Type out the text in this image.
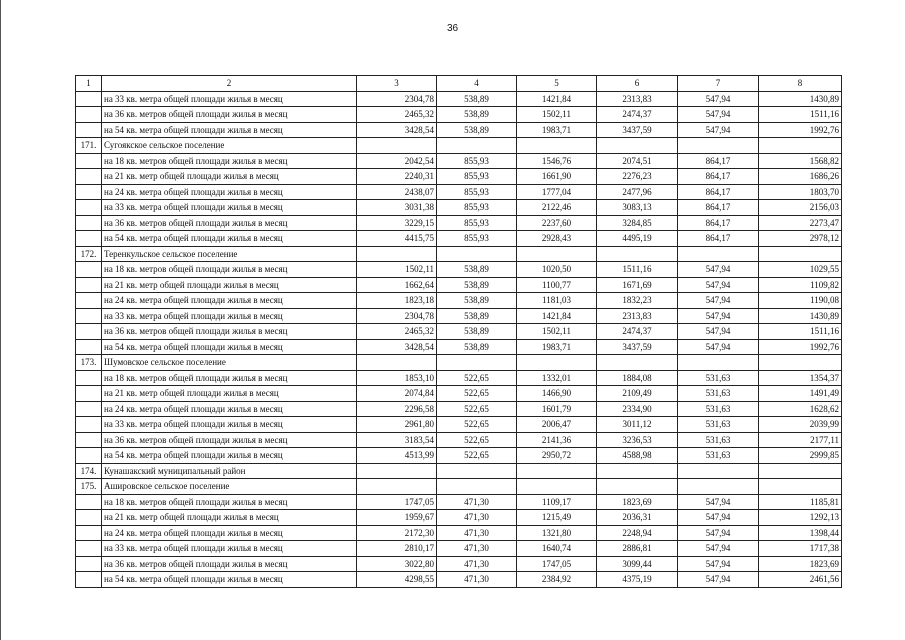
36
1	2	3	4	5	6	7	8
	на 33 кв. метра общей площади жилья в месяц	2304,78	538,89	1421,84	2313,83	547,94	1430,89
	на 36 кв. метров общей площади жилья в месяц	2465,32	538,89	1502,11	2474,37	547,94	1511,16
	на 54 кв. метра общей площади жилья в месяц	3428,54	538,89	1983,71	3437,59	547,94	1992,76
171.	Сугоякское сельское поселение						
	на 18 кв. метров общей площади жилья в месяц	2042,54	855,93	1546,76	2074,51	864,17	1568,82
	на 21 кв. метр общей площади жилья в месяц	2240,31	855,93	1661,90	2276,23	864,17	1686,26
	на 24 кв. метра общей площади жилья в месяц	2438,07	855,93	1777,04	2477,96	864,17	1803,70
	на 33 кв. метра общей площади жилья в месяц	3031,38	855,93	2122,46	3083,13	864,17	2156,03
	на 36 кв. метров общей площади жилья в месяц	3229,15	855,93	2237,60	3284,85	864,17	2273,47
	на 54 кв. метра общей площади жилья в месяц	4415,75	855,93	2928,43	4495,19	864,17	2978,12
172.	Теренкульское сельское поселение						
	на 18 кв. метров общей площади жилья в месяц	1502,11	538,89	1020,50	1511,16	547,94	1029,55
	на 21 кв. метр общей площади жилья в месяц	1662,64	538,89	1100,77	1671,69	547,94	1109,82
	на 24 кв. метра общей площади жилья в месяц	1823,18	538,89	1181,03	1832,23	547,94	1190,08
	на 33 кв. метра общей площади жилья в месяц	2304,78	538,89	1421,84	2313,83	547,94	1430,89
	на 36 кв. метров общей площади жилья в месяц	2465,32	538,89	1502,11	2474,37	547,94	1511,16
	на 54 кв. метра общей площади жилья в месяц	3428,54	538,89	1983,71	3437,59	547,94	1992,76
173.	Шумовское сельское поселение						
	на 18 кв. метров общей площади жилья в месяц	1853,10	522,65	1332,01	1884,08	531,63	1354,37
	на 21 кв. метр общей площади жилья в месяц	2074,84	522,65	1466,90	2109,49	531,63	1491,49
	на 24 кв. метра общей площади жилья в месяц	2296,58	522,65	1601,79	2334,90	531,63	1628,62
	на 33 кв. метра общей площади жилья в месяц	2961,80	522,65	2006,47	3011,12	531,63	2039,99
	на 36 кв. метров общей площади жилья в месяц	3183,54	522,65	2141,36	3236,53	531,63	2177,11
	на 54 кв. метра общей площади жилья в месяц	4513,99	522,65	2950,72	4588,98	531,63	2999,85
174.	Кунашакский муниципальный район						
175.	Ашировское сельское поселение						
	на 18 кв. метров общей площади жилья в месяц	1747,05	471,30	1109,17	1823,69	547,94	1185,81
	на 21 кв. метр общей площади жилья в месяц	1959,67	471,30	1215,49	2036,31	547,94	1292,13
	на 24 кв. метра общей площади жилья в месяц	2172,30	471,30	1321,80	2248,94	547,94	1398,44
	на 33 кв. метра общей площади жилья в месяц	2810,17	471,30	1640,74	2886,81	547,94	1717,38
	на 36 кв. метров общей площади жилья в месяц	3022,80	471,30	1747,05	3099,44	547,94	1823,69
	на 54 кв. метра общей площади жилья в месяц	4298,55	471,30	2384,92	4375,19	547,94	2461,56
